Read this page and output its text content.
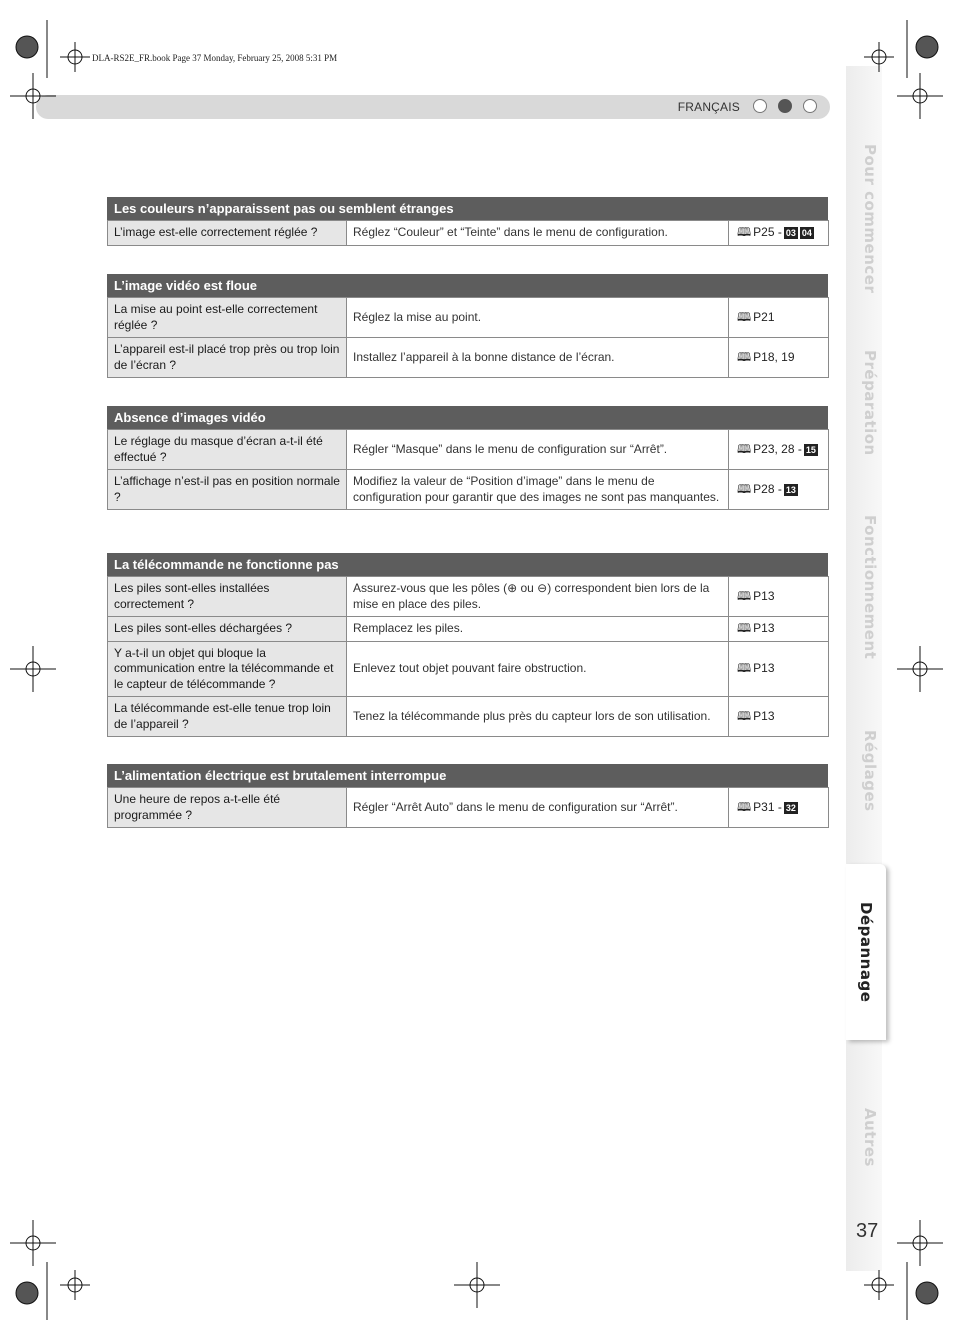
DLA-RS2E_FR.book Page 37 Monday, February 25, 2008 5:31 PM
FRANÇAIS
Les couleurs n’apparaissent pas ou semblent étranges
L’image est-elle correctement réglée ?	Réglez “Couleur” et “Teinte” dans le menu de configuration.	🕮 P25 - 03 04
L’image vidéo est floue
La mise au point est-elle correctement réglée ?	Réglez la mise au point.	🕮 P21
L’appareil est-il placé trop près ou trop loin de l’écran ?	Installez l’appareil à la bonne distance de l’écran.	🕮 P18, 19
Absence d’images vidéo
Le réglage du masque d’écran a-t-il été effectué ?	Régler “Masque” dans le menu de configuration sur “Arrêt”.	🕮 P23, 28 - 15
L’affichage n’est-il pas en position normale ?	Modifiez la valeur de “Position d’image” dans le menu de configuration pour garantir que des images ne sont pas manquantes.	🕮 P28 - 13
La télécommande ne fonctionne pas
Les piles sont-elles installées correctement ?	Assurez-vous que les pôles (⊕ ou ⊖) correspondent bien lors de la mise en place des piles.	🕮 P13
Les piles sont-elles déchargées ?	Remplacez les piles.	🕮 P13
Y a-t-il un objet qui bloque la communication entre la télécommande et le capteur de télécommande ?	Enlevez tout objet pouvant faire obstruction.	🕮 P13
La télécommande est-elle tenue trop loin de l’appareil ?	Tenez la télécommande plus près du capteur lors de son utilisation.	🕮 P13
L’alimentation électrique est brutalement interrompue
Une heure de repos a-t-elle été programmée ?	Régler “Arrêt Auto” dans le menu de configuration sur “Arrêt”.	🕮 P31 - 32
Pour commencer
Préparation
Fonctionnement
Réglages
Dépannage
Autres
37
